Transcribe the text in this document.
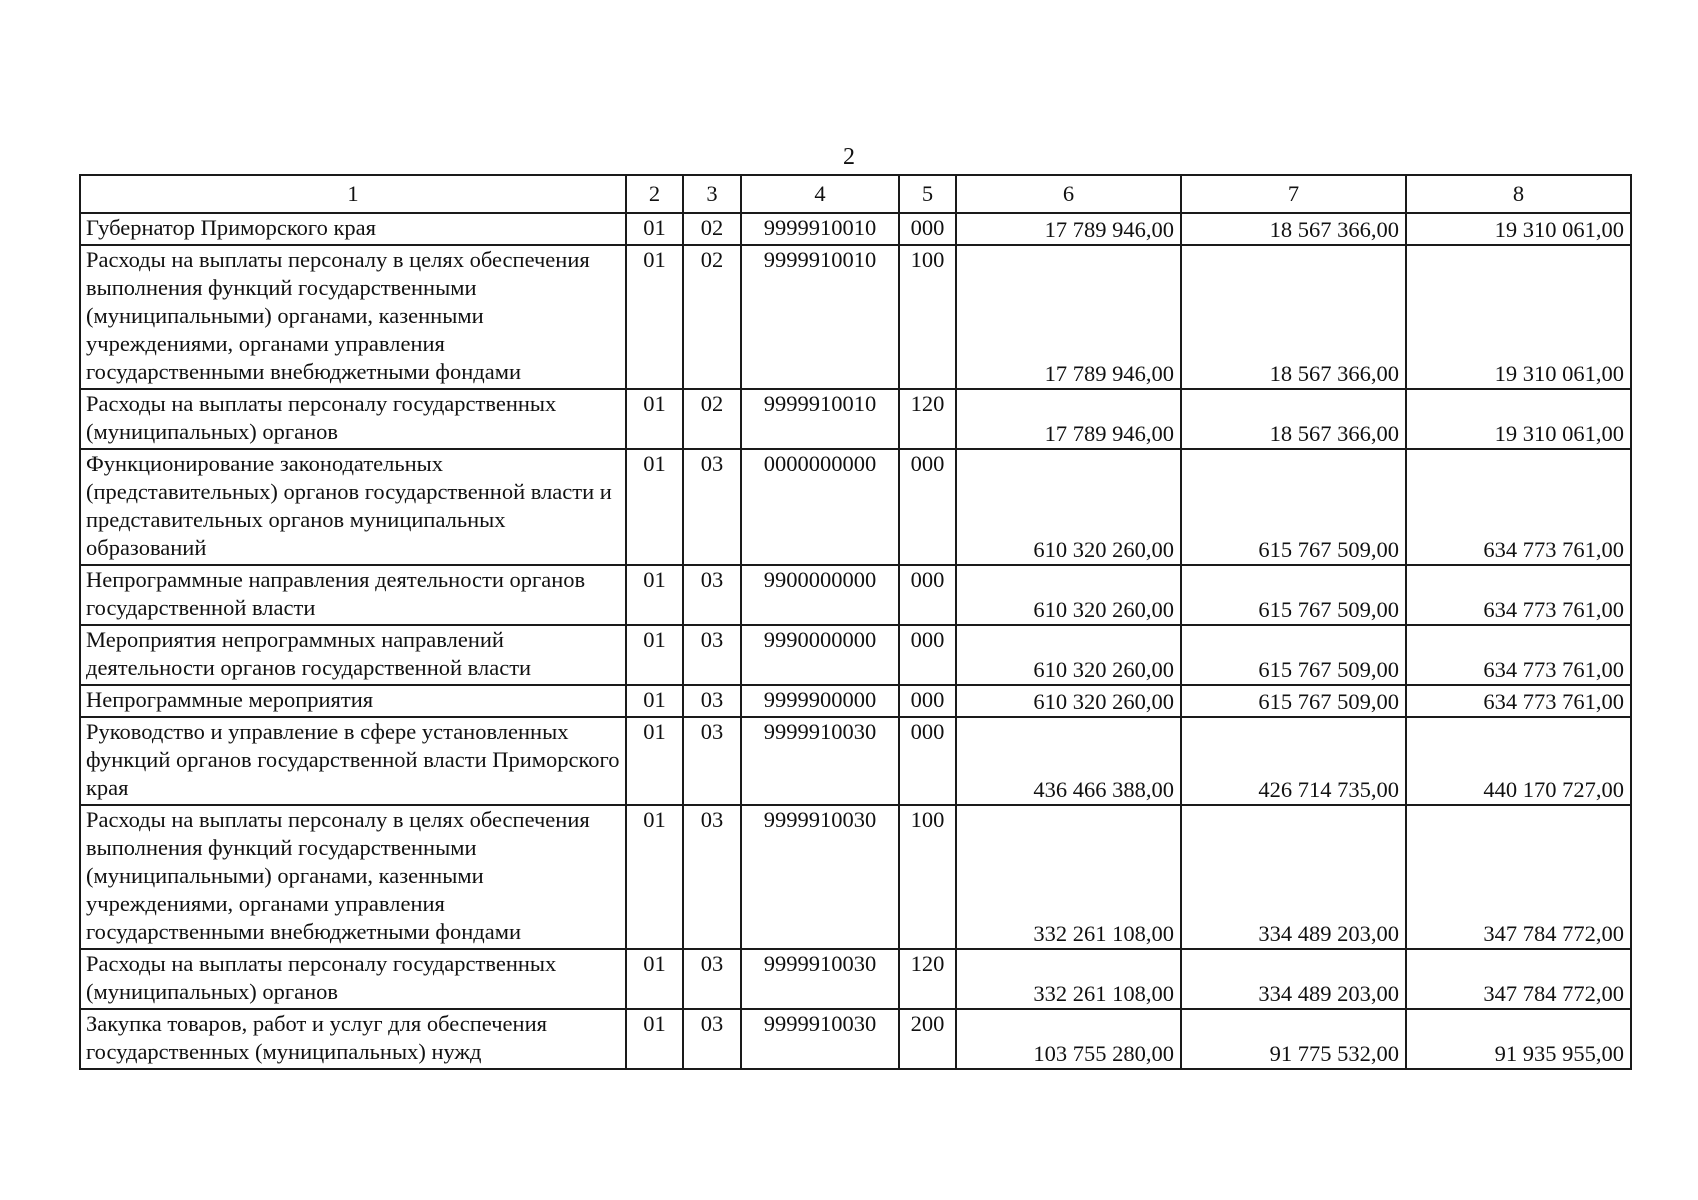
2
1	2	3	4	5	6	7	8
Губернатор Приморского края	01	02	9999910010	000	17 789 946,00	18 567 366,00	19 310 061,00
Расходы на выплаты персоналу в целях обеспечения выполнения функций государственными (муниципальными) органами, казенными учреждениями, органами управления государственными внебюджетными фондами	01	02	9999910010	100	17 789 946,00	18 567 366,00	19 310 061,00
Расходы на выплаты персоналу государственных (муниципальных) органов	01	02	9999910010	120	17 789 946,00	18 567 366,00	19 310 061,00
Функционирование законодательных (представительных) органов государственной власти и представительных органов муниципальных образований	01	03	0000000000	000	610 320 260,00	615 767 509,00	634 773 761,00
Непрограммные направления деятельности органов государственной власти	01	03	9900000000	000	610 320 260,00	615 767 509,00	634 773 761,00
Мероприятия непрограммных направлений деятельности органов государственной власти	01	03	9990000000	000	610 320 260,00	615 767 509,00	634 773 761,00
Непрограммные мероприятия	01	03	9999900000	000	610 320 260,00	615 767 509,00	634 773 761,00
Руководство и управление в сфере установленных функций органов государственной власти Приморского края	01	03	9999910030	000	436 466 388,00	426 714 735,00	440 170 727,00
Расходы на выплаты персоналу в целях обеспечения выполнения функций государственными (муниципальными) органами, казенными учреждениями, органами управления государственными внебюджетными фондами	01	03	9999910030	100	332 261 108,00	334 489 203,00	347 784 772,00
Расходы на выплаты персоналу государственных (муниципальных) органов	01	03	9999910030	120	332 261 108,00	334 489 203,00	347 784 772,00
Закупка товаров, работ и услуг для обеспечения государственных (муниципальных) нужд	01	03	9999910030	200	103 755 280,00	91 775 532,00	91 935 955,00
